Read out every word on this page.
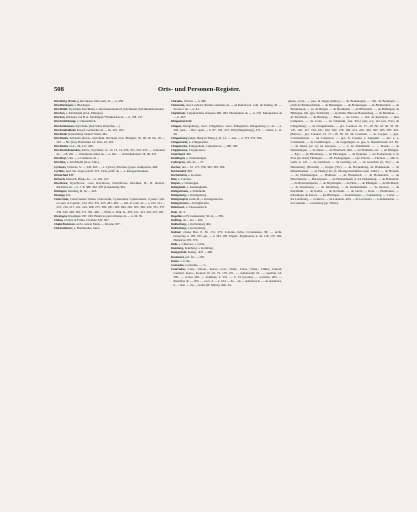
508	Orts- und Personen-Register.

Kirchberg (Unter-), Kirchpaer, Otte nom. de ..., n. 456.

Kirchberingen, s. Bieringen.

Kirchbühl, Kyrchein, Kirchhain, s. Kirchenzellendorf, Kirchheim, Kirchheimbolanden.

Kirchen, s. Kirchheim (O.A. Ehingen).

Kirchen, Kilchein, bei B.A. Nördingen? Bernhardus de ..., n. 158. 157.

Kirchenbirkenig, s. Churenbirch.

Kirchenhausen, Kyrchein, (den Sohn, Rudolfus, ...).

Kirchenthalheim Knopf, Gerhardus de ..., bu. 201. 202.

Kirchhain (Chirchain); bisher? Wald. 481.

Kirchheim, Kirchein (Köch-, Kyrchein, Kirchen) O.A. Ehingen, 10, 96, 20 bis. 18 ..., 201 ..., 80. (bei), Balastinus 19. Otto, 16, 205.

Kirchheim, O.A., 36, 217, 266.

Kirchheimbolanden, Kirch-, Kyrchein, 11, 12, 13, 14, 250, 251, 252, 253. — Cunradus de ..., 18, 261. — Wernherus miles de ..., n. 261. — Archidiakonen: 18, 48, 325.

Kirchhof, vom ..., s. Cimiterio de ...

Kirchlen, s. Kirchheim (O.A. Tbk.).

Cyriacus, Ciriacus, S. ..., 343. 465. — s. Cyriaci (Wormat.) papa. Gumpertus, 466.

Cyrillus, heil. Ser. atque pontif. 372. Cirie. pfaff. de ..., s. Reiegerabrunnen.

Kirnachtal 127.

Kirnach, Kirnach, Burgo de ..., n. 126. 127.

Kischlowe, Kyschlowe, -owe, Kischlowe, Chischlowe, Kischlen, H., R. mönch., Rudolfus de ..., n. 7. 8. 386. 392. 395 (Lisenheim) 394.

Kislingen, Kissling, B. de ..., 443.

Kisslegg 423.

Cistercium, Cistercienser Orden, Cistercium, Cystercium, Cysterciensis, Cysterc. abb. et conv. et Capitul., 152. 252. 331. 425, 481. 492. — abb. et conv. ad ..., s. 192. 211 ... 215. 216. 217. 221. 222. 268. 275. 280. 281. 283. 284. 292. 305. 306. 320. 331. 337. 339. 345. 348. 362. 371. 391. 406. — Pfälz. u. Thür. K., 405. 411. 413. 424. 427. 491.

Kissingen, Kissingen 187. 190. Henricus parrochianus de ..., n. 49. 50.

Citheo, Civitas in Friula, Cividale 329. 307.

Claderbrulensis, eccla. sancte Marie — Kloster 207.

Clarevallensis, s. Bornhardus, sanct.

Clarulus, Ulricus ..., n. 496.

Clementia, uxor Ludwici, Bertha comitissa de ..., ad Rudolf pal. com. de Tubing. 45. — Stortoco de ..., n. 81.

Cleplohale, Cleppholdsin, Klopten 480. 482. Hermannus de ..., n. 270. Marquardus de ..., n. 267.

Klingenbach 62.

Clingen, Klingenberg, -berc, Clingisberc, -bero, Klingisberc, Klingenberg, C. de ..., n. 206. plez., ... Bec. apud ..., b. 87. 192. 213. 296 (Dingelsberg), 374. — heiter, L. O. 96.

Clingenburg (ampt, Burg in Thurg.), 41. 12. — lant ..., n. 373. 374. 384.

Clingenstein, s. Clingenstain.

Clingenecke, Klingenhain, Cunradus de ..., 186. 190.

Clopphouwe, Clopphouwe.

Cloterbach 466.

Knittingen, s. Chnutelingen.

Cobergens, abb. de ..., 37.

Kocher, der ... 52. 173. 358. 362. 365. 366.

Kochendorf 371.

Kochertürm, s. Kochen.

Kila, s. Colonia.

Klepen, s. Chuningen.

Königheim, s. Kenningheim.

Königsbrunn, s. Steinheim.

Königsberg, s. Königesberg.

Königshofen, Gem.-B., s. Königeshoven.

Königsbronn, s. Königshofen.

Kötzensch, s. Choeszenloch.

Kolo, dic 3.

Kugelius et H. Gennenstel, 56. de ..., 382.

Kolbing, de ... der ... 495.

Kolbenberg, s. Kolbenberg 402.

Kolbenberg, s. Kolbenberg.

Kolmar, clausa Bea. 8. 36. 151. 270. Colonia, Köln, Colonienses, 98. — archi. Ocnardus, n. 183. 235. epi. — n. 183. 185. Engeli., Engilbertus, n. 44. 118. 170. 182. Heinricus 303. 375.

Köln, s. Chinowe, s. Cölln.

Komburg, Kamburg, s. Komburg.

Konigsrieth, Kunig., dorf ... 468.

Kostanzer, pvr. frl. ..., 205.

Konie, s. Cohn.

Conradus, Conradus, —, C.

Cuorradus, Conr-, Chuon-, Kuon-, Con-, Chūn-, Cuon-, Chun-, Chūno, Cunrad, Curhard, Kuon-, Konrad 10, 16. 74. 179. 251. — romanorum 23. — capellan, 16. 285. — ecclea 495. — dominus, n. 551. — b. 53 (avonia), — notarius, 405. — Rudolfus de ..., 455. — coci. d. ... n. 104 — de ... de ... Achternoch. — de Aasinawe, n. ... aber ..., vie ..., home (B. Marie), milt. Ar-

gileus, eccle., — ppa, in Augia (minor.) — de Bodenregen. — mil. de Bettingen — plich de Balmeschallen — de Bensingen. — de Bodenregen — de Bickbruben. — de Bernhausen, — pr. de Bergen — de Bornheim. — de Bibernach. — de Birbingen, de Bilringen, mil. (ypt. Sulzbach). — de Diritz, Bina de Boehenberg, — de Berthnan. — de Brodbach. — de Bruberg. — Bane. — de Calwe. — abb. de Reuchour. — mea Camplaus. — de Coxa. — de Cibarium, (ser. Eal.) plar, n.p. ald (ser. Eal.) de Clingenberg, — de Clingenbenek. — grs. Coenrad. 12. 17—18. 30. 43. 46. 55. 56. 125. 126. 127. 134. 161. 162. 182. 178. 199. 212. 229. 364. 365. 383. 387. 401. (Basel.)— grs. Cuonrat. 12. 17—18. 30. 43. 46. Coenradt. — de Coppes. — ppa. Constantiensis. — de Consteren. — ppa. 8. Cruelsa, s. Augustin. — dec. s. a. Crailsheim. — de Curmiringen. — de Cupplingen. ss. ppa. S. Danielbouren vol. Ed. — de Diurn (or. n.) ad Adorpau. — ... b. de Dohelheim. — ... Doens. — de Durmstingen. — de Deres. — de Eberbach, milt. — de Ebnheim, sol. — de Ehingen. — Ego. — de Ehrenberg, — de Eltwangen. — de Epinden. — de Eschenrode, n. in Fors (str. Karl) Tübingen. — ...llt. Psdergengen. — spe. Farren. — Fuerton. — abb. S. Galli, n. 125. — de Gerbbach. — de Gerbing, sol. — de Graschen (ls. Tb.) — de Herrenberg. (Horedal) — Koppe (Tb.). — de Hochenburg, de Hohenstein. — de Rünzelhausen. — de Hsal(s) der (b. Herrigreitschaffen-Ganz. Ahld.). — de Hessten — de Hohenbergen. — Hallinus. — de Hauselach, — de Holzendorf, — de Holzchurren. — Hertenyeser. — de Hachenbeem, 4. 24. Hohenberg. — de Hohenloh. — de Holentemperne, — de Heyslingen, — de Holz, — de Eßlingen. — de Richbach, — de Kunzelsen, — de Kirchberg, ... de Kunkelsheim. — de Knoten, — de Kirchbühl. — de Kolbe, — de Kolbenh. — de Gnob. ... Rote. ... Helnbrunn. — Kiraninger de Kerwe. — Ke Bilringen. — Kruelsbugen. — Landenberg. — Leber. — Ke Landerleg. — Lobiron. — de Landeck, milt. ... de Leoxtoria. — Landesbarbet. — de Lunesbn. — Lutenberg (sp. Winn.).
